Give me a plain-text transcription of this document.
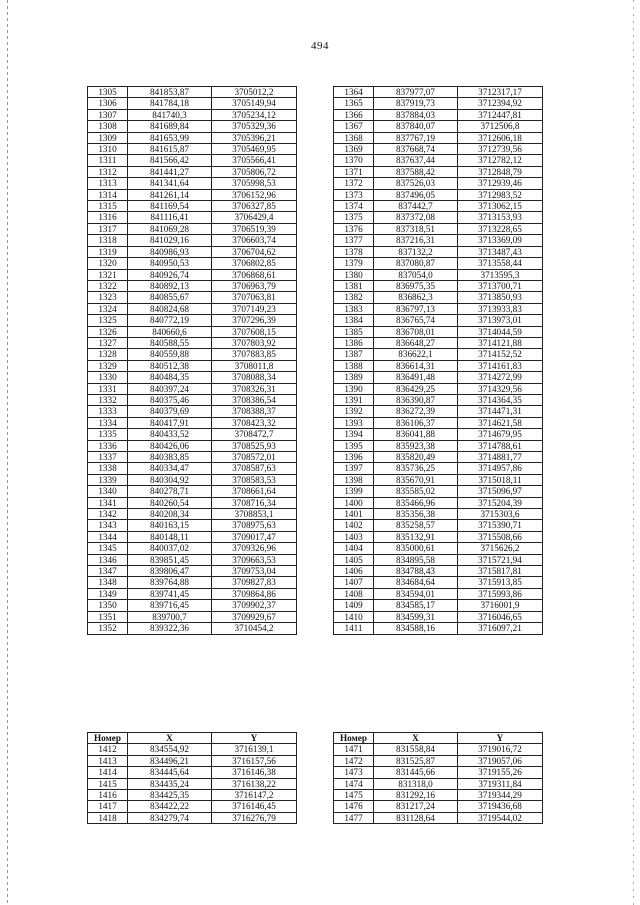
494
1305	841853,87	3705012,2
1306	841784,18	3705149,94
1307	841740,3	3705234,12
1308	841689,84	3705329,36
1309	841653,99	3705396,21
1310	841615,87	3705469,95
1311	841566,42	3705566,41
1312	841441,27	3705806,72
1313	841341,64	3705998,53
1314	841261,14	3706152,96
1315	841169,54	3706327,85
1316	841116,41	3706429,4
1317	841069,28	3706519,39
1318	841029,16	3706603,74
1319	840986,93	3706704,62
1320	840950,53	3706802,85
1321	840926,74	3706868,61
1322	840892,13	3706963,79
1323	840855,67	3707063,81
1324	840824,68	3707149,23
1325	840772,19	3707296,39
1326	840660,6	3707608,15
1327	840588,55	3707803,92
1328	840559,88	3707883,85
1329	840512,38	3708011,8
1330	840484,35	3708088,34
1331	840397,24	3708326,31
1332	840375,46	3708386,54
1333	840379,69	3708388,37
1334	840417,91	3708423,32
1335	840433,52	3708472,7
1336	840426,06	3708525,93
1337	840383,85	3708572,01
1338	840334,47	3708587,63
1339	840304,92	3708583,53
1340	840278,71	3708661,64
1341	840260,54	3708716,34
1342	840208,34	3708853,1
1343	840163,15	3708975,63
1344	840148,11	3709017,47
1345	840037,02	3709326,96
1346	839851,45	3709663,53
1347	839806,47	3709753,04
1348	839764,88	3709827,83
1349	839741,45	3709864,86
1350	839716,45	3709902,37
1351	839700,7	3709929,67
1352	839322,36	3710454,2
1364	837977,07	3712317,17
1365	837919,73	3712394,92
1366	837884,03	3712447,81
1367	837840,07	3712506,8
1368	837767,19	3712606,18
1369	837668,74	3712739,56
1370	837637,44	3712782,12
1371	837588,42	3712848,79
1372	837526,03	3712939,46
1373	837496,05	3712983,52
1374	837442,7	3713062,15
1375	837372,08	3713153,93
1376	837318,51	3713228,65
1377	837216,31	3713369,09
1378	837132,2	3713487,43
1379	837080,87	3713558,44
1380	837054,0	3713595,3
1381	836975,35	3713700,71
1382	836862,3	3713850,93
1383	836797,13	3713933,83
1384	836765,74	3713973,01
1385	836708,01	3714044,59
1386	836648,27	3714121,88
1387	836622,1	3714152,52
1388	836614,31	3714161,83
1389	836491,48	3714272,99
1390	836429,25	3714329,56
1391	836390,87	3714364,35
1392	836272,39	3714471,31
1393	836106,37	3714621,58
1394	836041,88	3714679,95
1395	835923,38	3714788,61
1396	835820,49	3714881,77
1397	835736,25	3714957,86
1398	835670,91	3715018,11
1399	835585,02	3715096,97
1400	835466,96	3715204,39
1401	835356,38	3715303,6
1402	835258,57	3715390,71
1403	835132,91	3715508,66
1404	835000,61	3715626,2
1405	834895,58	3715721,94
1406	834788,43	3715817,81
1407	834684,64	3715913,85
1408	834594,01	3715993,86
1409	834585,17	3716001,9
1410	834599,31	3716046,65
1411	834588,16	3716097,21
Номер	X	Y
1412	834554,92	3716139,1
1413	834496,21	3716157,56
1414	834445,64	3716146,38
1415	834435,24	3716138,22
1416	834425,35	3716147,2
1417	834422,22	3716146,45
1418	834279,74	3716276,79
Номер	X	Y
1471	831558,84	3719016,72
1472	831525,87	3719057,06
1473	831445,66	3719155,26
1474	831318,0	3719311,84
1475	831292,16	3719344,29
1476	831217,24	3719436,68
1477	831128,64	3719544,02
